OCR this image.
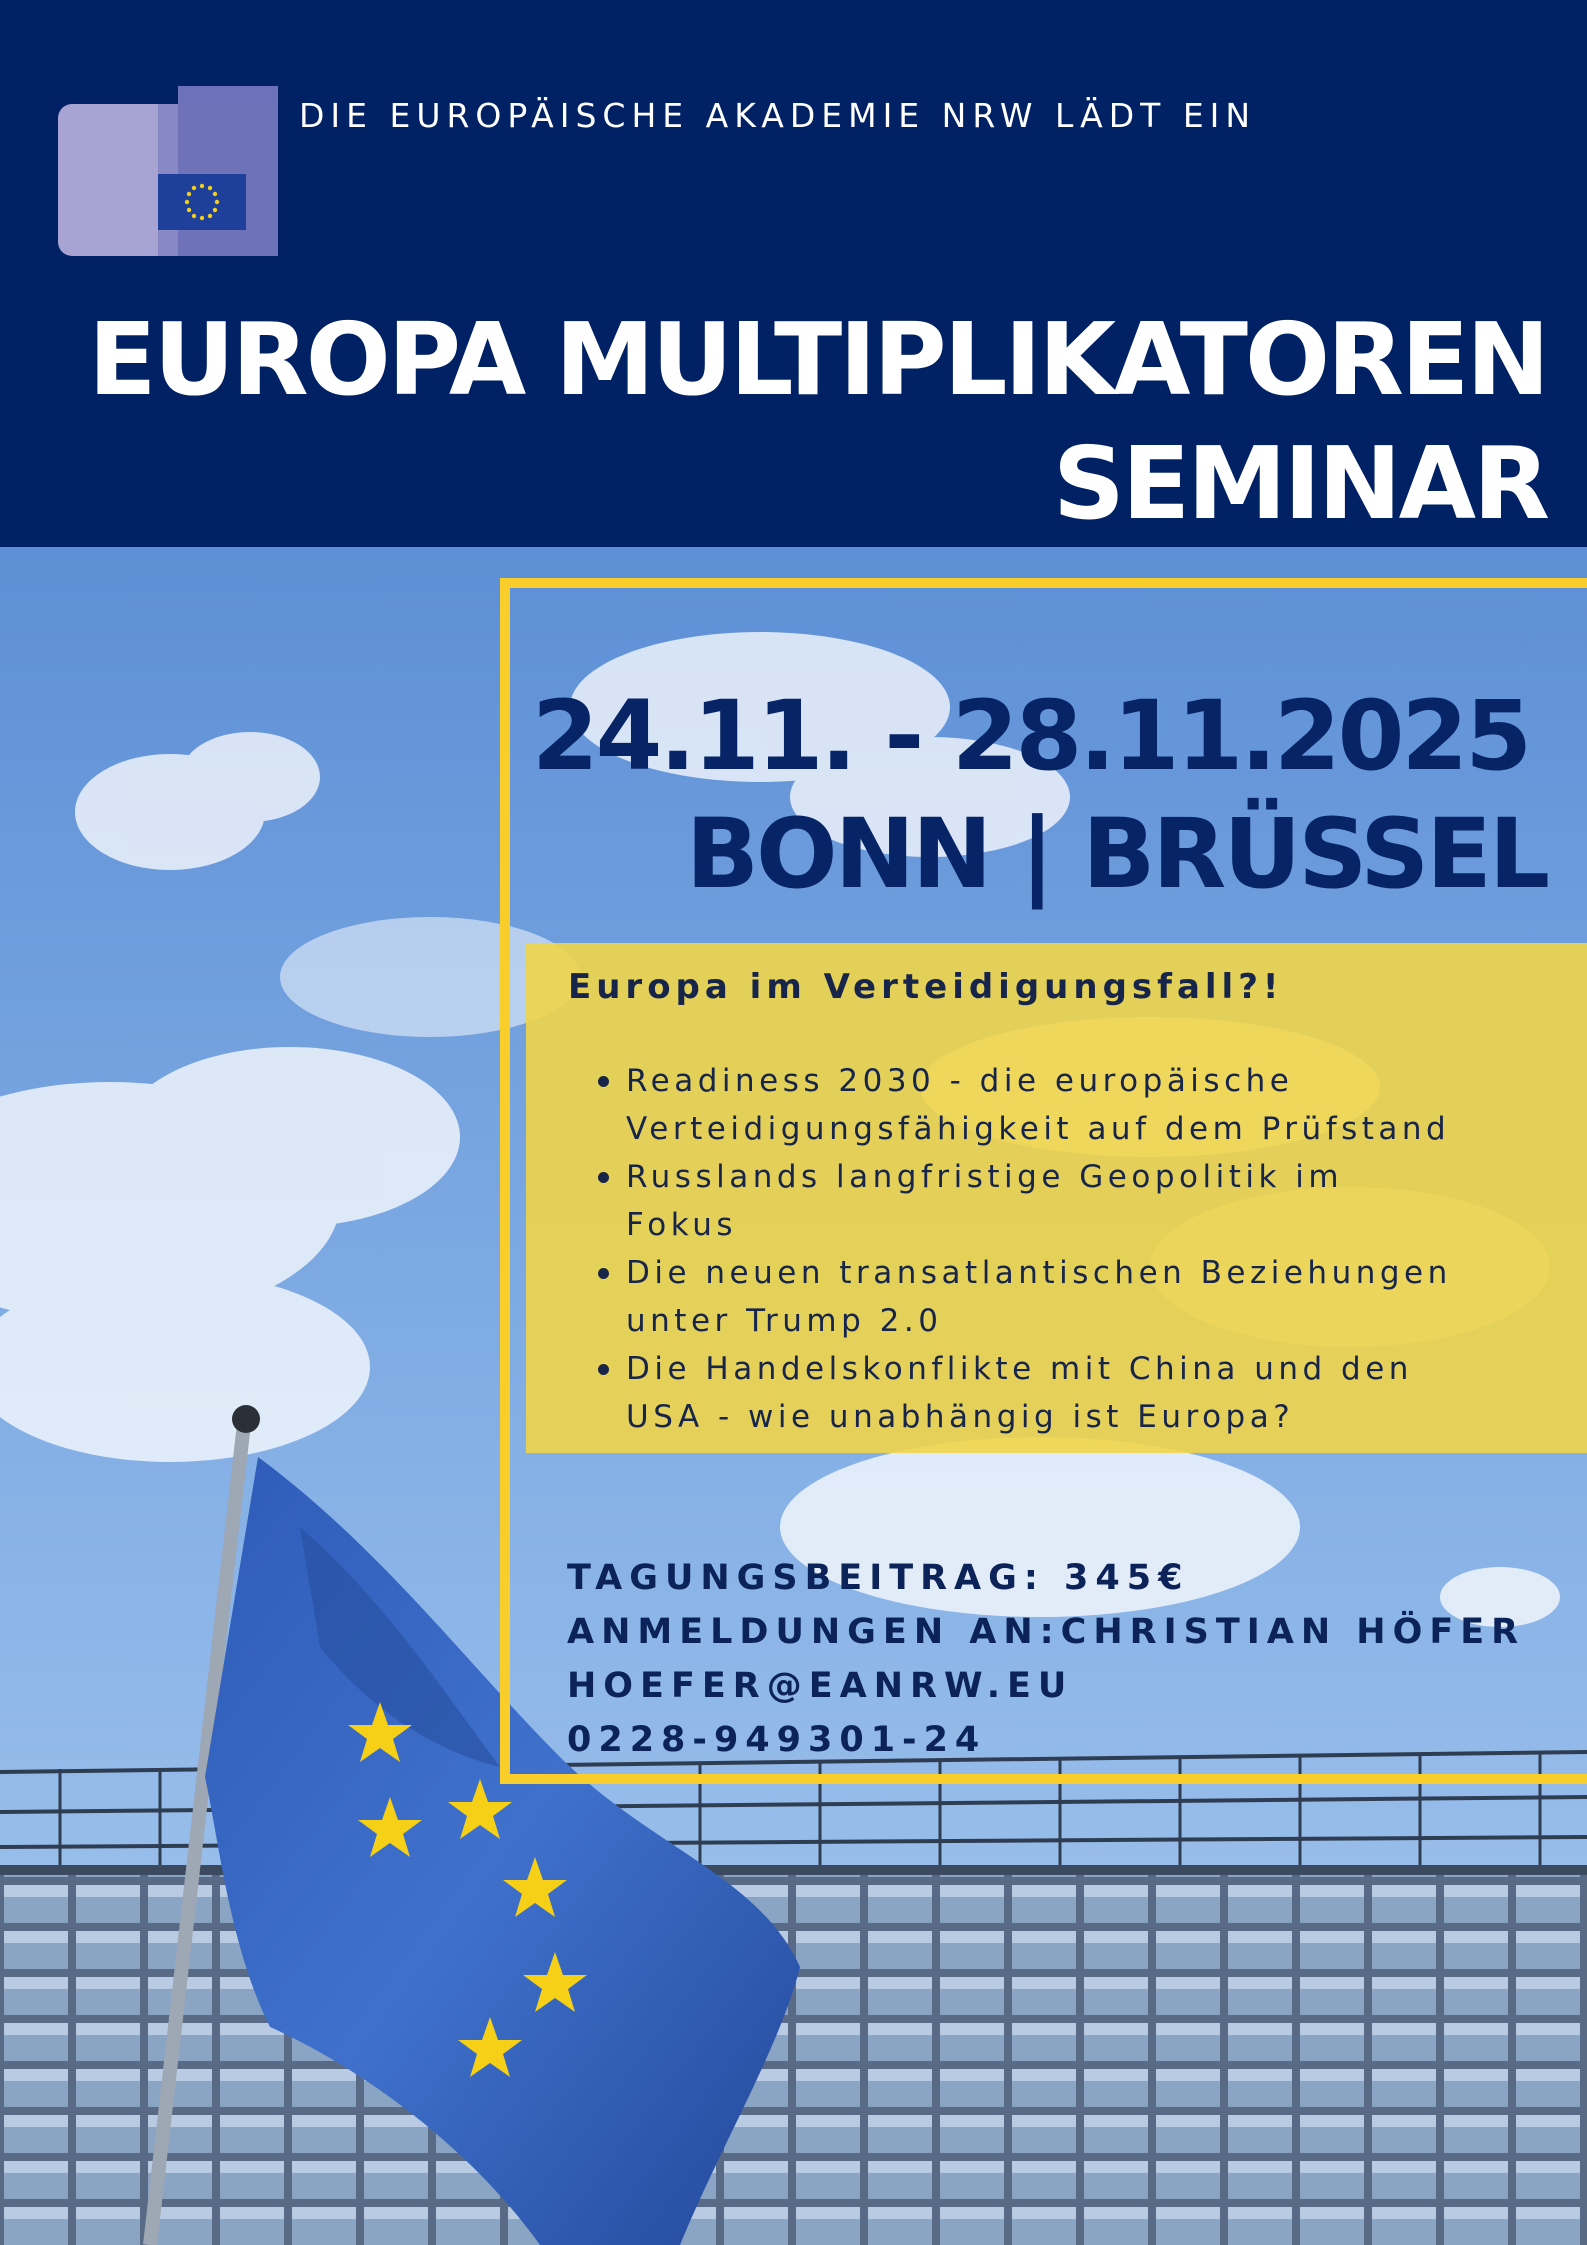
DIE EUROPÄISCHE AKADEMIE NRW LÄDT EIN
EUROPA MULTIPLIKATOREN
SEMINAR
24.11. - 28.11.2025
BONN | BRÜSSEL
Europa im Verteidigungsfall?!
Readiness 2030 - die europäische
Verteidigungsfähigkeit auf dem Prüfstand
Russlands langfristige Geopolitik im
Fokus
Die neuen transatlantischen Beziehungen
unter Trump 2.0
Die Handelskonflikte mit China und den
USA - wie unabhängig ist Europa?
TAGUNGSBEITRAG: 345€
ANMELDUNGEN AN:CHRISTIAN HÖFER
HOEFER@EANRW.EU
0228-949301-24
